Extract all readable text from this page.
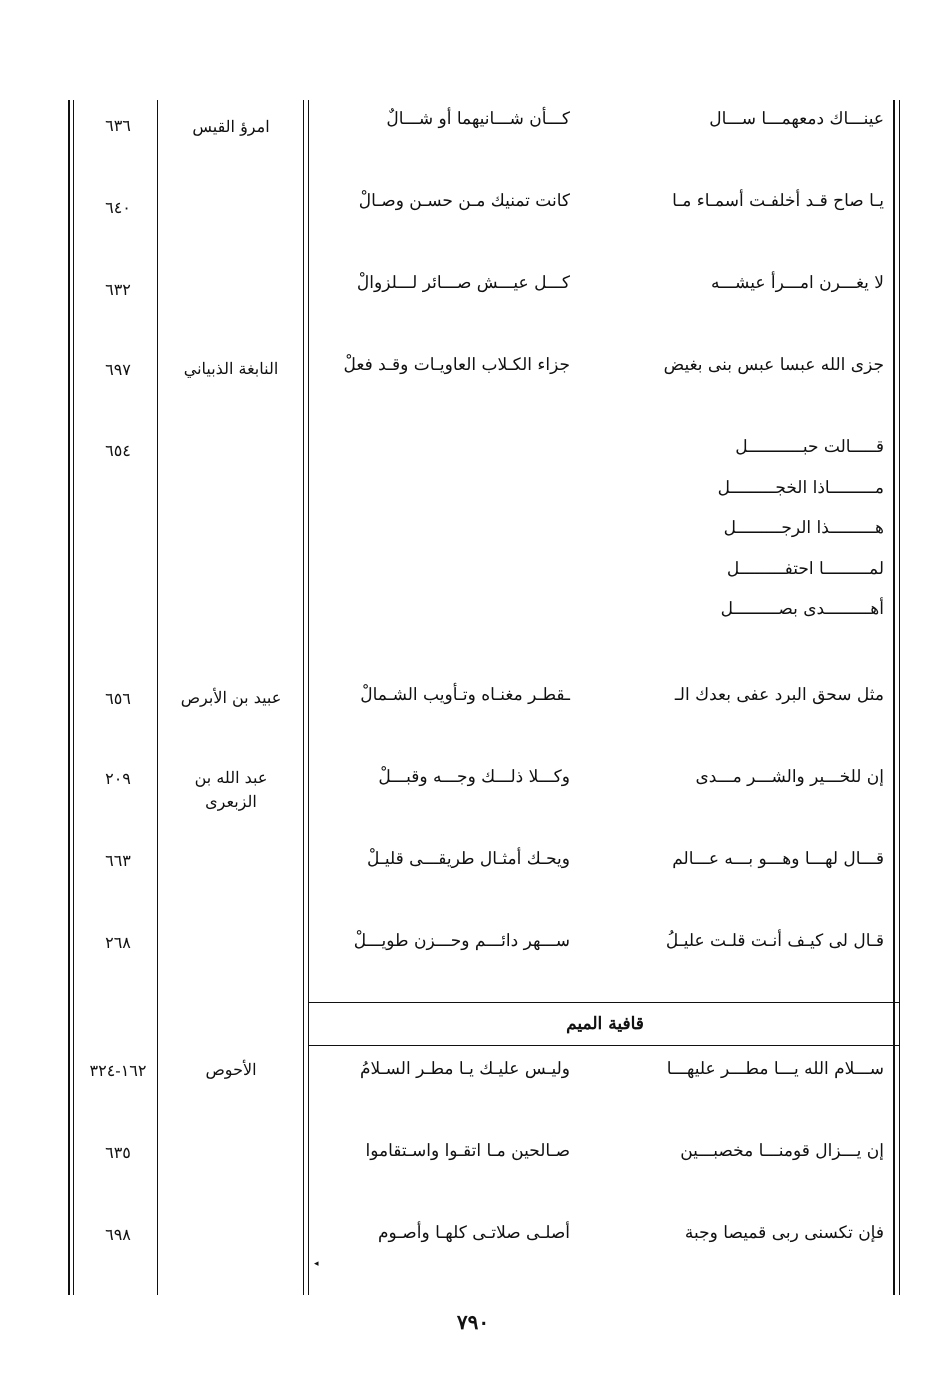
عينـــاك دمعهمـــا ســـال
كـــأن شـــانيهما أو شـــالٌ
امرؤ القيس
٦٣٦
يـا صاح قـد أخلفـت أسمـاء مـا
كانت تمنيك مـن حسـن وصـالْ
٦٤٠
لا يغـــرن امـــرأ عيشـــه
كـــل عيـــش صـــائر لـــلزوالْ
٦٣٢
جزى الله عبسا عبس بنى بغيض
جزاء الكـلاب العاويـات وقـد فعلْ
النابغة الذبياني
٦٩٧
٦٥٤	قـــــالت حبـــــــــــل
مـــــــــاذا الخجـــــــــل
هـــــــــذا الرجـــــــــل
لمـــــــــا احتفـــــــــل
أهـــــــــدى بصـــــــــل
مثل سحق البرد عفى بعدك الـ
ـقطـر مغنـاه وتـأويب الشـمالْ
عبيد بن الأبرص
٦٥٦
إن للخـــير والشـــر مـــدى
وكـــلا ذلـــك وجـــه وقبـــلْ
عبد الله بن الزبعرى
٢٠٩
قـــال لهـــا وهـــو بـــه عـــالم
ويحـك أمثـال طريقـــى قليـلْ
٦٦٣
قـال لى كيـف أنـت قلـت عليـلُ
ســـهر دائـــم وحـــزن طويـــلْ
٢٦٨
قافية الميم
ســـلام الله يـــا مطـــر عليهـــا
وليـس عليـك يـا مطـر السـلامُ
الأحوص
١٦٢-٣٢٤
إن يـــزال قومنـــا مخصبـــين
صـالحين مـا اتقـوا واسـتقاموا
٦٣٥
فإن تكسنى ربى قميصا وجبة
أصلـى صلاتـى كلهـا وأصـوم
٦٩٨
◂
٧٩٠
